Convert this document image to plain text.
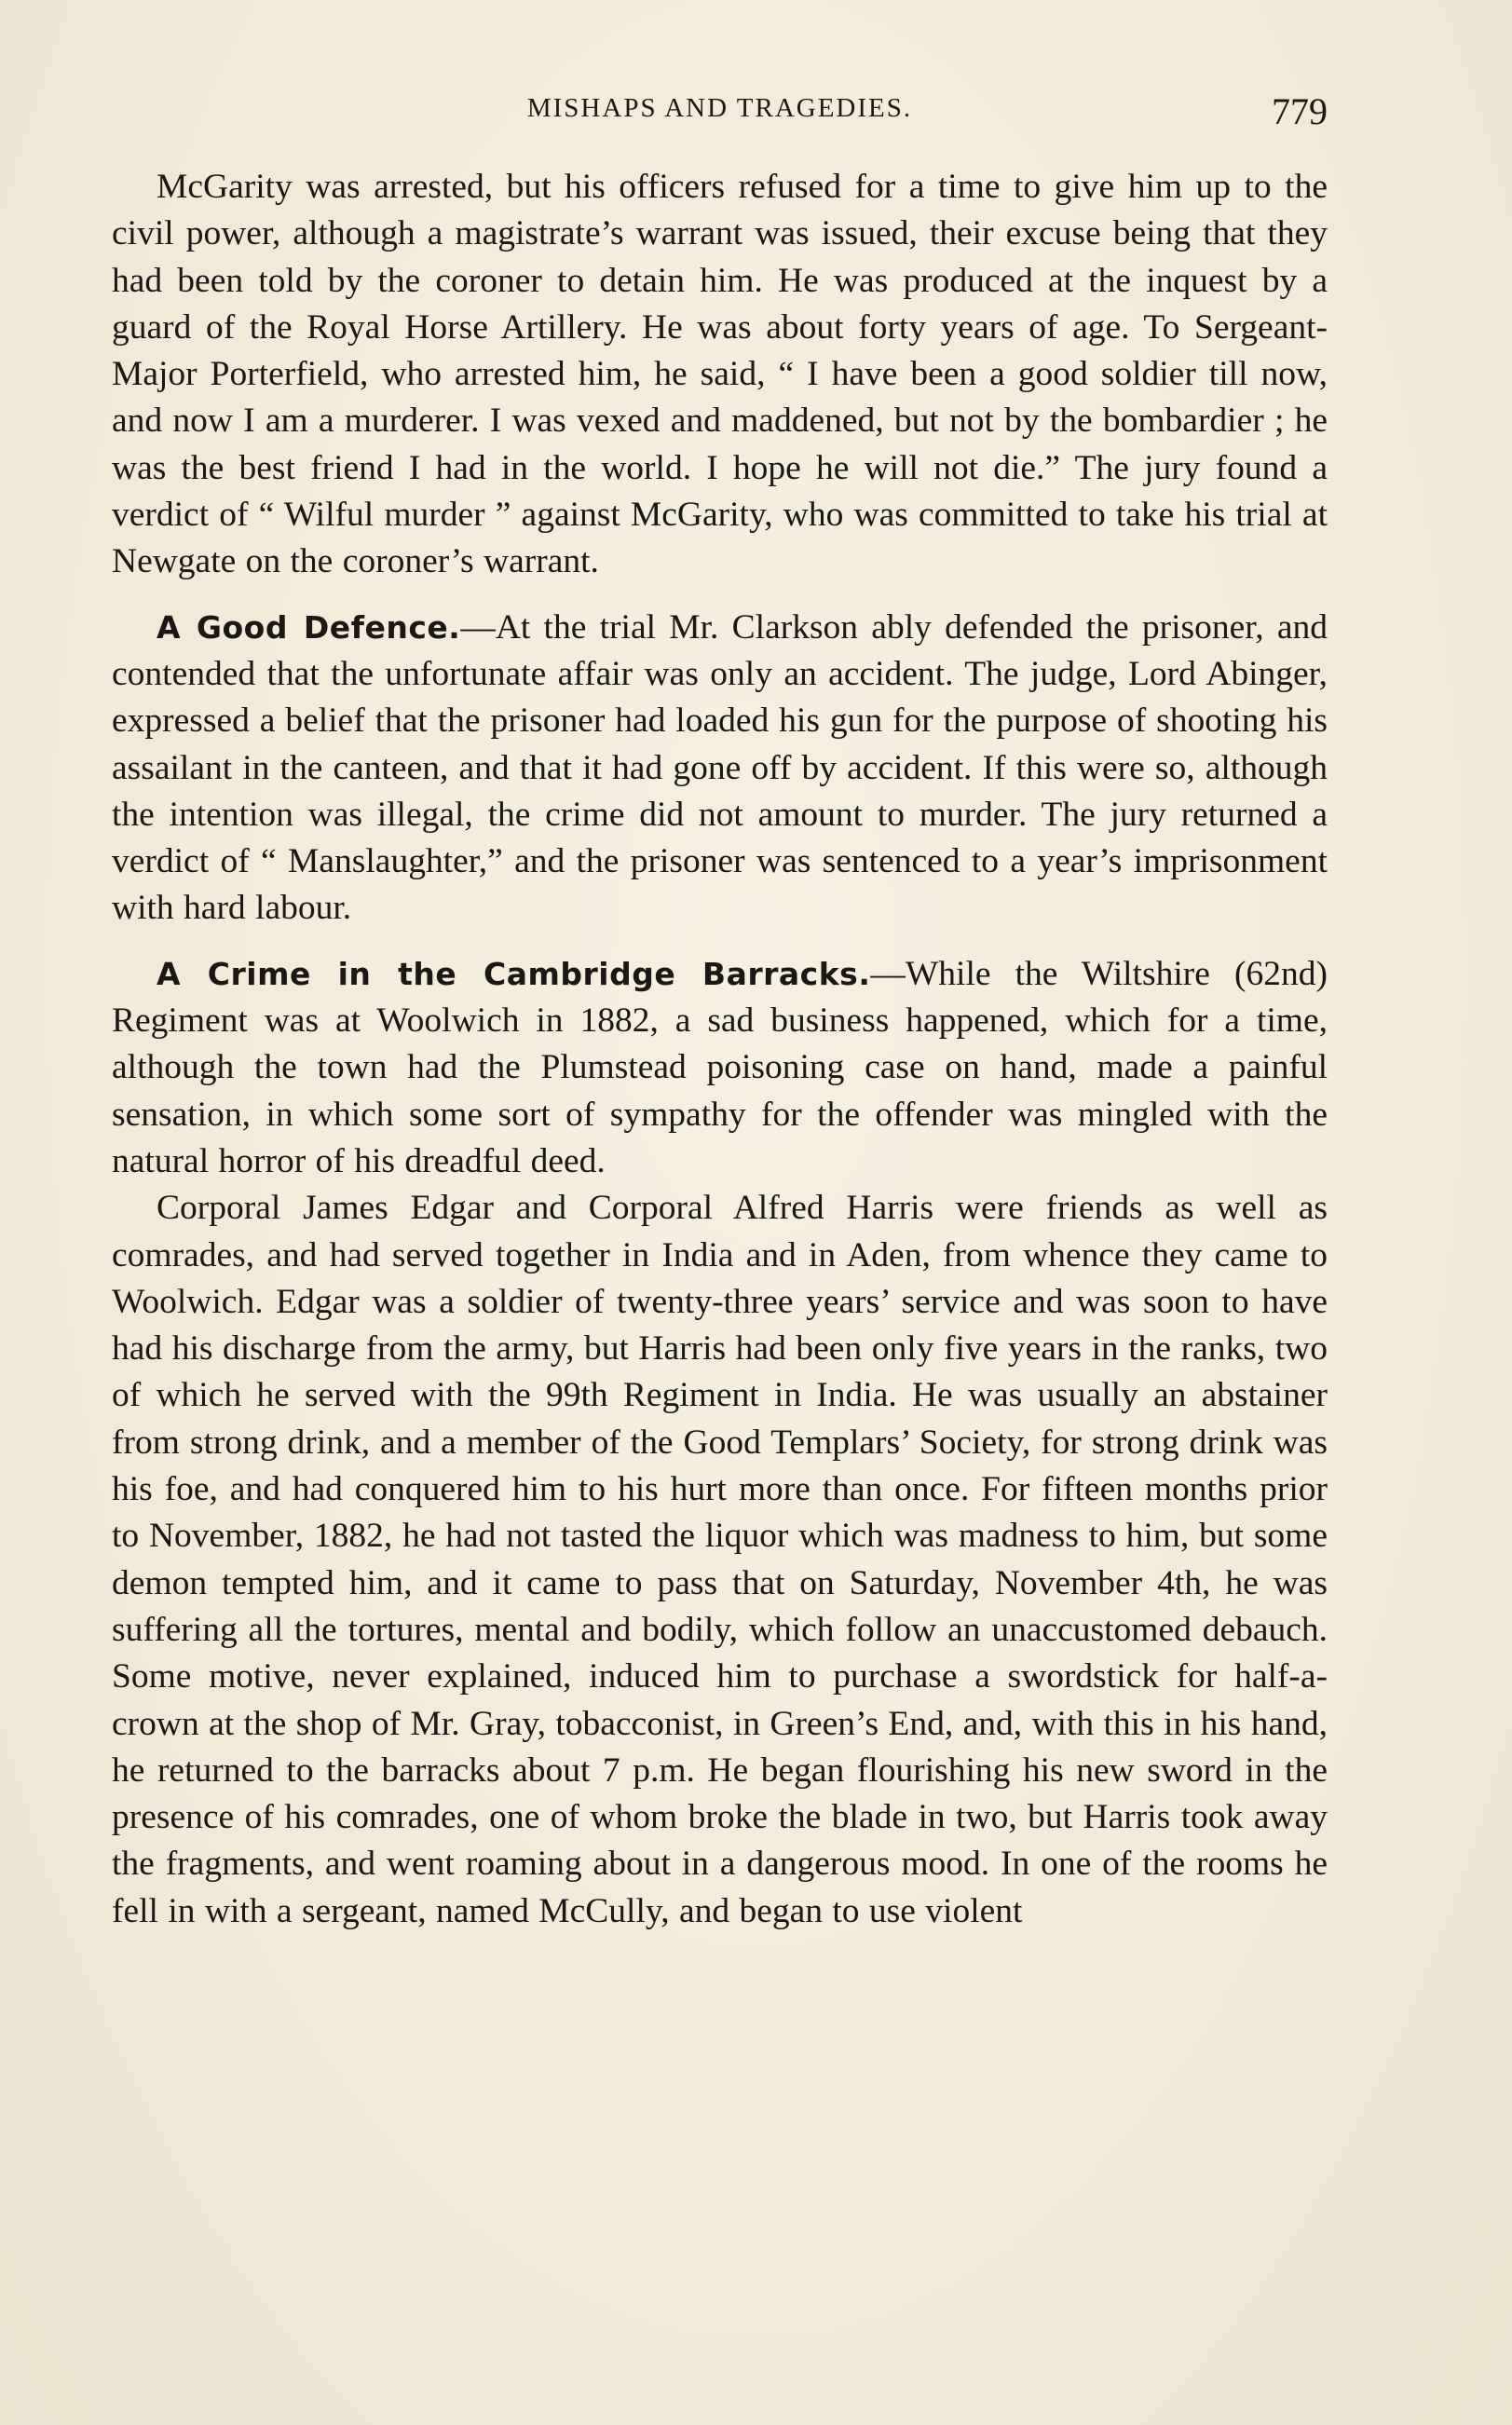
MISHAPS AND TRAGEDIES.	779

McGarity was arrested, but his officers refused for a time to give him up to the civil power, although a magistrate’s warrant was issued, their excuse being that they had been told by the coroner to detain him. He was produced at the inquest by a guard of the Royal Horse Artillery. He was about forty years of age. To Sergeant-Major Porterfield, who arrested him, he said, “ I have been a good soldier till now, and now I am a murderer. I was vexed and maddened, but not by the bombardier ; he was the best friend I had in the world. I hope he will not die.” The jury found a verdict of “ Wilful murder ” against McGarity, who was committed to take his trial at Newgate on the coroner’s warrant.

A Good Defence.—At the trial Mr. Clarkson ably defended the prisoner, and contended that the unfortunate affair was only an accident. The judge, Lord Abinger, expressed a belief that the prisoner had loaded his gun for the purpose of shooting his assailant in the canteen, and that it had gone off by accident. If this were so, although the intention was illegal, the crime did not amount to murder. The jury returned a verdict of “ Manslaughter,” and the prisoner was sentenced to a year’s imprisonment with hard labour.

A Crime in the Cambridge Barracks.—While the Wiltshire (62nd) Regiment was at Woolwich in 1882, a sad business happened, which for a time, although the town had the Plumstead poisoning case on hand, made a painful sensation, in which some sort of sympathy for the offender was mingled with the natural horror of his dreadful deed.

Corporal James Edgar and Corporal Alfred Harris were friends as well as comrades, and had served together in India and in Aden, from whence they came to Woolwich. Edgar was a soldier of twenty-three years’ service and was soon to have had his discharge from the army, but Harris had been only five years in the ranks, two of which he served with the 99th Regiment in India. He was usually an abstainer from strong drink, and a member of the Good Templars’ Society, for strong drink was his foe, and had conquered him to his hurt more than once. For fifteen months prior to November, 1882, he had not tasted the liquor which was madness to him, but some demon tempted him, and it came to pass that on Saturday, November 4th, he was suffering all the tortures, mental and bodily, which follow an unaccustomed debauch. Some motive, never explained, induced him to purchase a swordstick for half-a-crown at the shop of Mr. Gray, tobacconist, in Green’s End, and, with this in his hand, he returned to the barracks about 7 p.m. He began flourishing his new sword in the presence of his comrades, one of whom broke the blade in two, but Harris took away the fragments, and went roaming about in a dangerous mood. In one of the rooms he fell in with a sergeant, named McCully, and began to use violent
